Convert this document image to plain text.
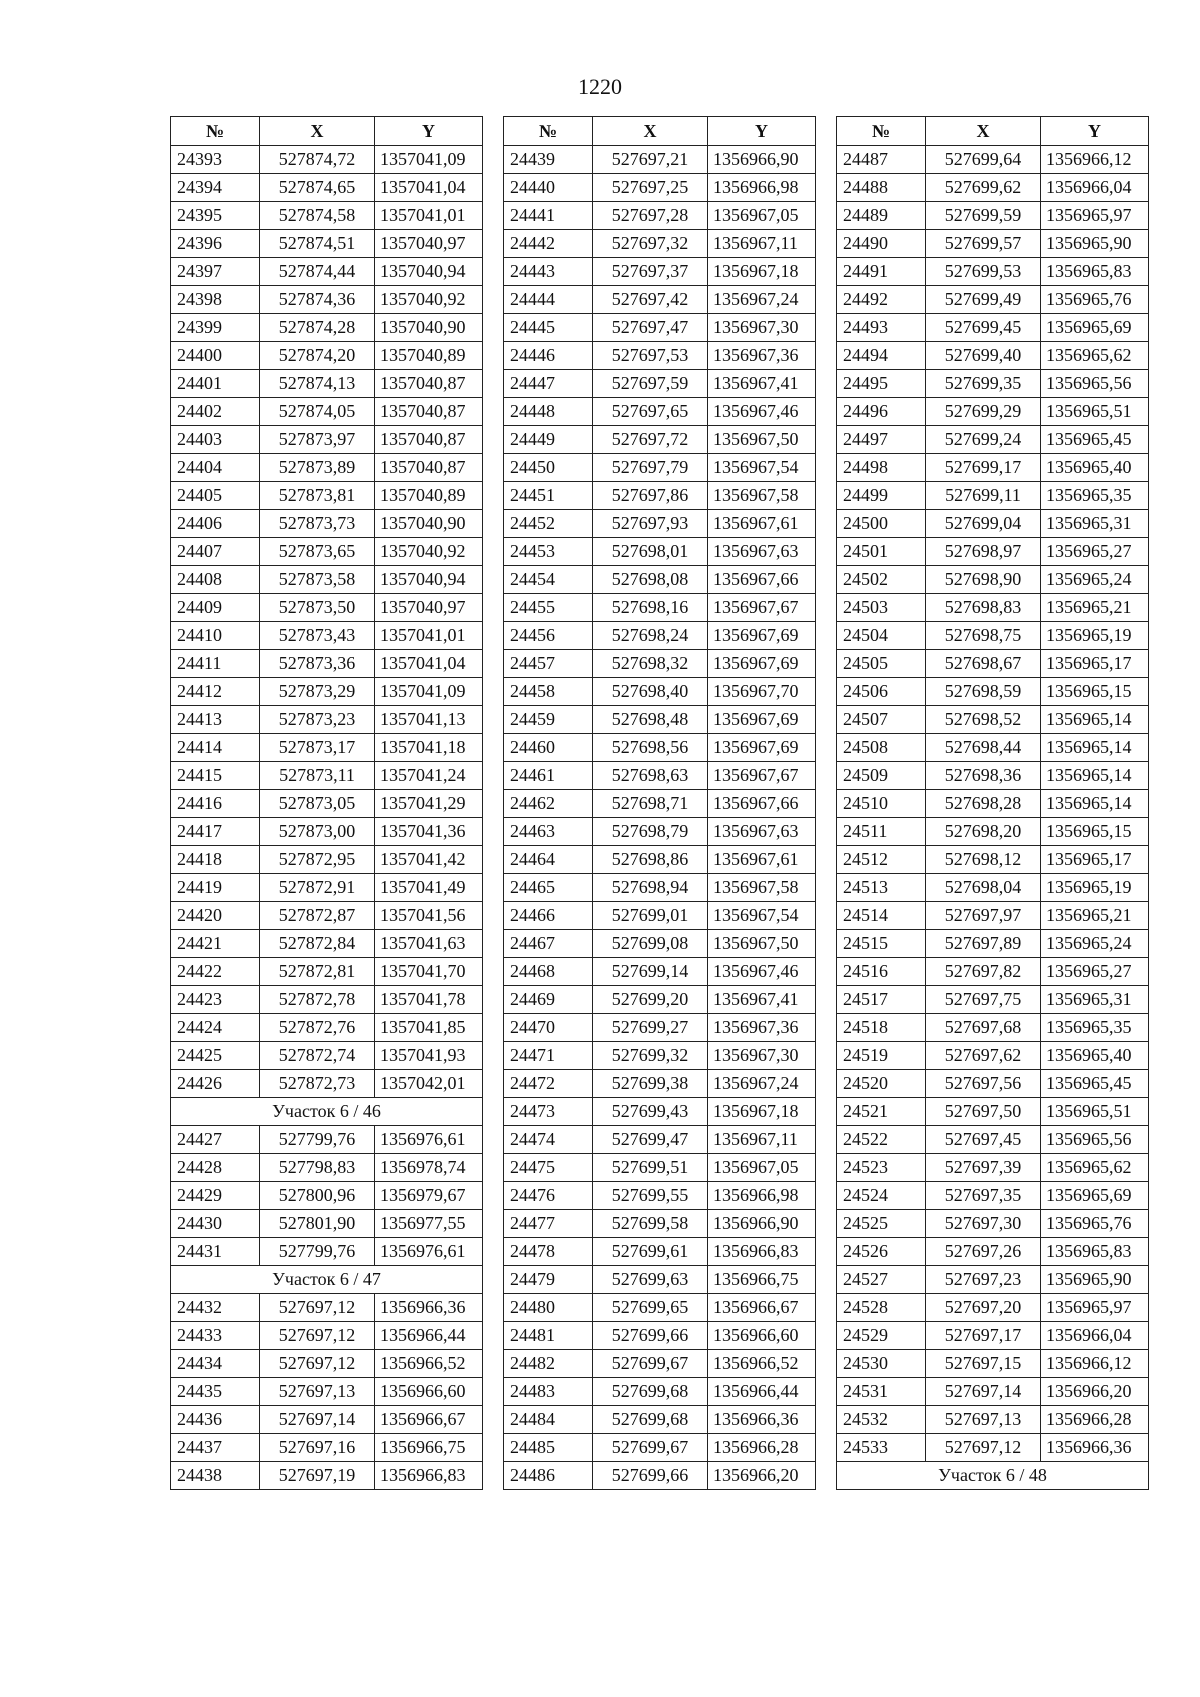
1220
№	X	Y
24393	527874,72	1357041,09
24394	527874,65	1357041,04
24395	527874,58	1357041,01
24396	527874,51	1357040,97
24397	527874,44	1357040,94
24398	527874,36	1357040,92
24399	527874,28	1357040,90
24400	527874,20	1357040,89
24401	527874,13	1357040,87
24402	527874,05	1357040,87
24403	527873,97	1357040,87
24404	527873,89	1357040,87
24405	527873,81	1357040,89
24406	527873,73	1357040,90
24407	527873,65	1357040,92
24408	527873,58	1357040,94
24409	527873,50	1357040,97
24410	527873,43	1357041,01
24411	527873,36	1357041,04
24412	527873,29	1357041,09
24413	527873,23	1357041,13
24414	527873,17	1357041,18
24415	527873,11	1357041,24
24416	527873,05	1357041,29
24417	527873,00	1357041,36
24418	527872,95	1357041,42
24419	527872,91	1357041,49
24420	527872,87	1357041,56
24421	527872,84	1357041,63
24422	527872,81	1357041,70
24423	527872,78	1357041,78
24424	527872,76	1357041,85
24425	527872,74	1357041,93
24426	527872,73	1357042,01
Участок 6 / 46		
24427	527799,76	1356976,61
24428	527798,83	1356978,74
24429	527800,96	1356979,67
24430	527801,90	1356977,55
24431	527799,76	1356976,61
Участок 6 / 47		
24432	527697,12	1356966,36
24433	527697,12	1356966,44
24434	527697,12	1356966,52
24435	527697,13	1356966,60
24436	527697,14	1356966,67
24437	527697,16	1356966,75
24438	527697,19	1356966,83
№	X	Y
24439	527697,21	1356966,90
24440	527697,25	1356966,98
24441	527697,28	1356967,05
24442	527697,32	1356967,11
24443	527697,37	1356967,18
24444	527697,42	1356967,24
24445	527697,47	1356967,30
24446	527697,53	1356967,36
24447	527697,59	1356967,41
24448	527697,65	1356967,46
24449	527697,72	1356967,50
24450	527697,79	1356967,54
24451	527697,86	1356967,58
24452	527697,93	1356967,61
24453	527698,01	1356967,63
24454	527698,08	1356967,66
24455	527698,16	1356967,67
24456	527698,24	1356967,69
24457	527698,32	1356967,69
24458	527698,40	1356967,70
24459	527698,48	1356967,69
24460	527698,56	1356967,69
24461	527698,63	1356967,67
24462	527698,71	1356967,66
24463	527698,79	1356967,63
24464	527698,86	1356967,61
24465	527698,94	1356967,58
24466	527699,01	1356967,54
24467	527699,08	1356967,50
24468	527699,14	1356967,46
24469	527699,20	1356967,41
24470	527699,27	1356967,36
24471	527699,32	1356967,30
24472	527699,38	1356967,24
24473	527699,43	1356967,18
24474	527699,47	1356967,11
24475	527699,51	1356967,05
24476	527699,55	1356966,98
24477	527699,58	1356966,90
24478	527699,61	1356966,83
24479	527699,63	1356966,75
24480	527699,65	1356966,67
24481	527699,66	1356966,60
24482	527699,67	1356966,52
24483	527699,68	1356966,44
24484	527699,68	1356966,36
24485	527699,67	1356966,28
24486	527699,66	1356966,20
№	X	Y
24487	527699,64	1356966,12
24488	527699,62	1356966,04
24489	527699,59	1356965,97
24490	527699,57	1356965,90
24491	527699,53	1356965,83
24492	527699,49	1356965,76
24493	527699,45	1356965,69
24494	527699,40	1356965,62
24495	527699,35	1356965,56
24496	527699,29	1356965,51
24497	527699,24	1356965,45
24498	527699,17	1356965,40
24499	527699,11	1356965,35
24500	527699,04	1356965,31
24501	527698,97	1356965,27
24502	527698,90	1356965,24
24503	527698,83	1356965,21
24504	527698,75	1356965,19
24505	527698,67	1356965,17
24506	527698,59	1356965,15
24507	527698,52	1356965,14
24508	527698,44	1356965,14
24509	527698,36	1356965,14
24510	527698,28	1356965,14
24511	527698,20	1356965,15
24512	527698,12	1356965,17
24513	527698,04	1356965,19
24514	527697,97	1356965,21
24515	527697,89	1356965,24
24516	527697,82	1356965,27
24517	527697,75	1356965,31
24518	527697,68	1356965,35
24519	527697,62	1356965,40
24520	527697,56	1356965,45
24521	527697,50	1356965,51
24522	527697,45	1356965,56
24523	527697,39	1356965,62
24524	527697,35	1356965,69
24525	527697,30	1356965,76
24526	527697,26	1356965,83
24527	527697,23	1356965,90
24528	527697,20	1356965,97
24529	527697,17	1356966,04
24530	527697,15	1356966,12
24531	527697,14	1356966,20
24532	527697,13	1356966,28
24533	527697,12	1356966,36
Участок 6 / 48		
